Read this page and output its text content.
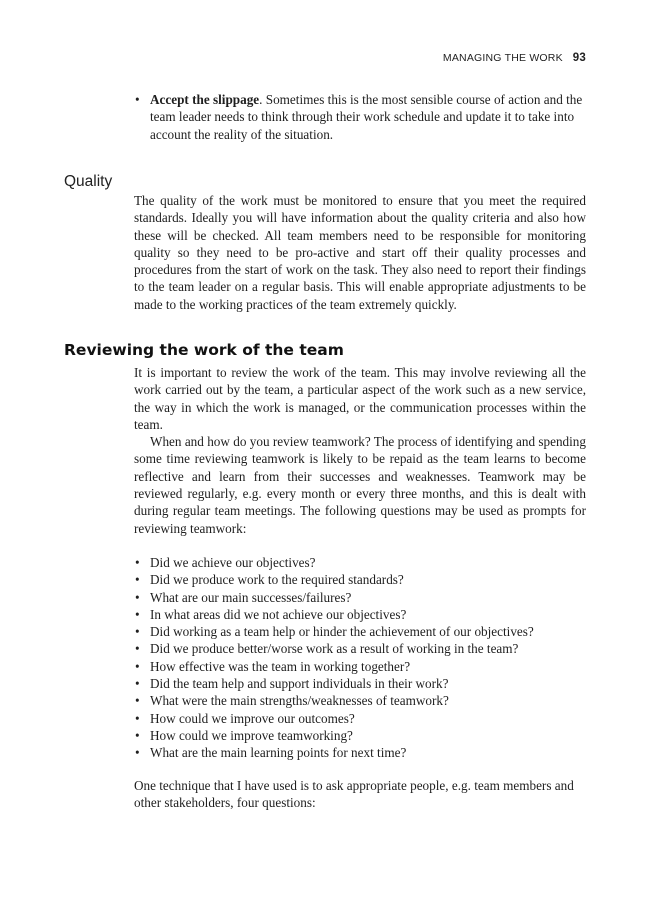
MANAGING THE WORK 93
• Accept the slippage. Sometimes this is the most sensible course of action and the team leader needs to think through their work schedule and update it to take into account the reality of the situation.
Quality

The quality of the work must be monitored to ensure that you meet the required standards. Ideally you will have information about the quality criteria and also how these will be checked. All team members need to be responsible for monitoring quality so they need to be pro-active and start off their quality processes and procedures from the start of work on the task. They also need to report their findings to the team leader on a regular basis. This will enable appropriate adjustments to be made to the working practices of the team extremely quickly.

Reviewing the work of the team

It is important to review the work of the team. This may involve reviewing all the work carried out by the team, a particular aspect of the work such as a new service, the way in which the work is managed, or the communication processes within the team.

When and how do you review teamwork? The process of identifying and spending some time reviewing teamwork is likely to be repaid as the team learns to become reflective and learn from their successes and weaknesses. Teamwork may be reviewed regularly, e.g. every month or every three months, and this is dealt with during regular team meetings. The following questions may be used as prompts for reviewing teamwork:

• Did we achieve our objectives?
• Did we produce work to the required standards?
• What are our main successes/failures?
• In what areas did we not achieve our objectives?
• Did working as a team help or hinder the achievement of our objectives?
• Did we produce better/worse work as a result of working in the team?
• How effective was the team in working together?
• Did the team help and support individuals in their work?
• What were the main strengths/weaknesses of teamwork?
• How could we improve our outcomes?
• How could we improve teamworking?
• What are the main learning points for next time?

One technique that I have used is to ask appropriate people, e.g. team members and other stakeholders, four questions:
